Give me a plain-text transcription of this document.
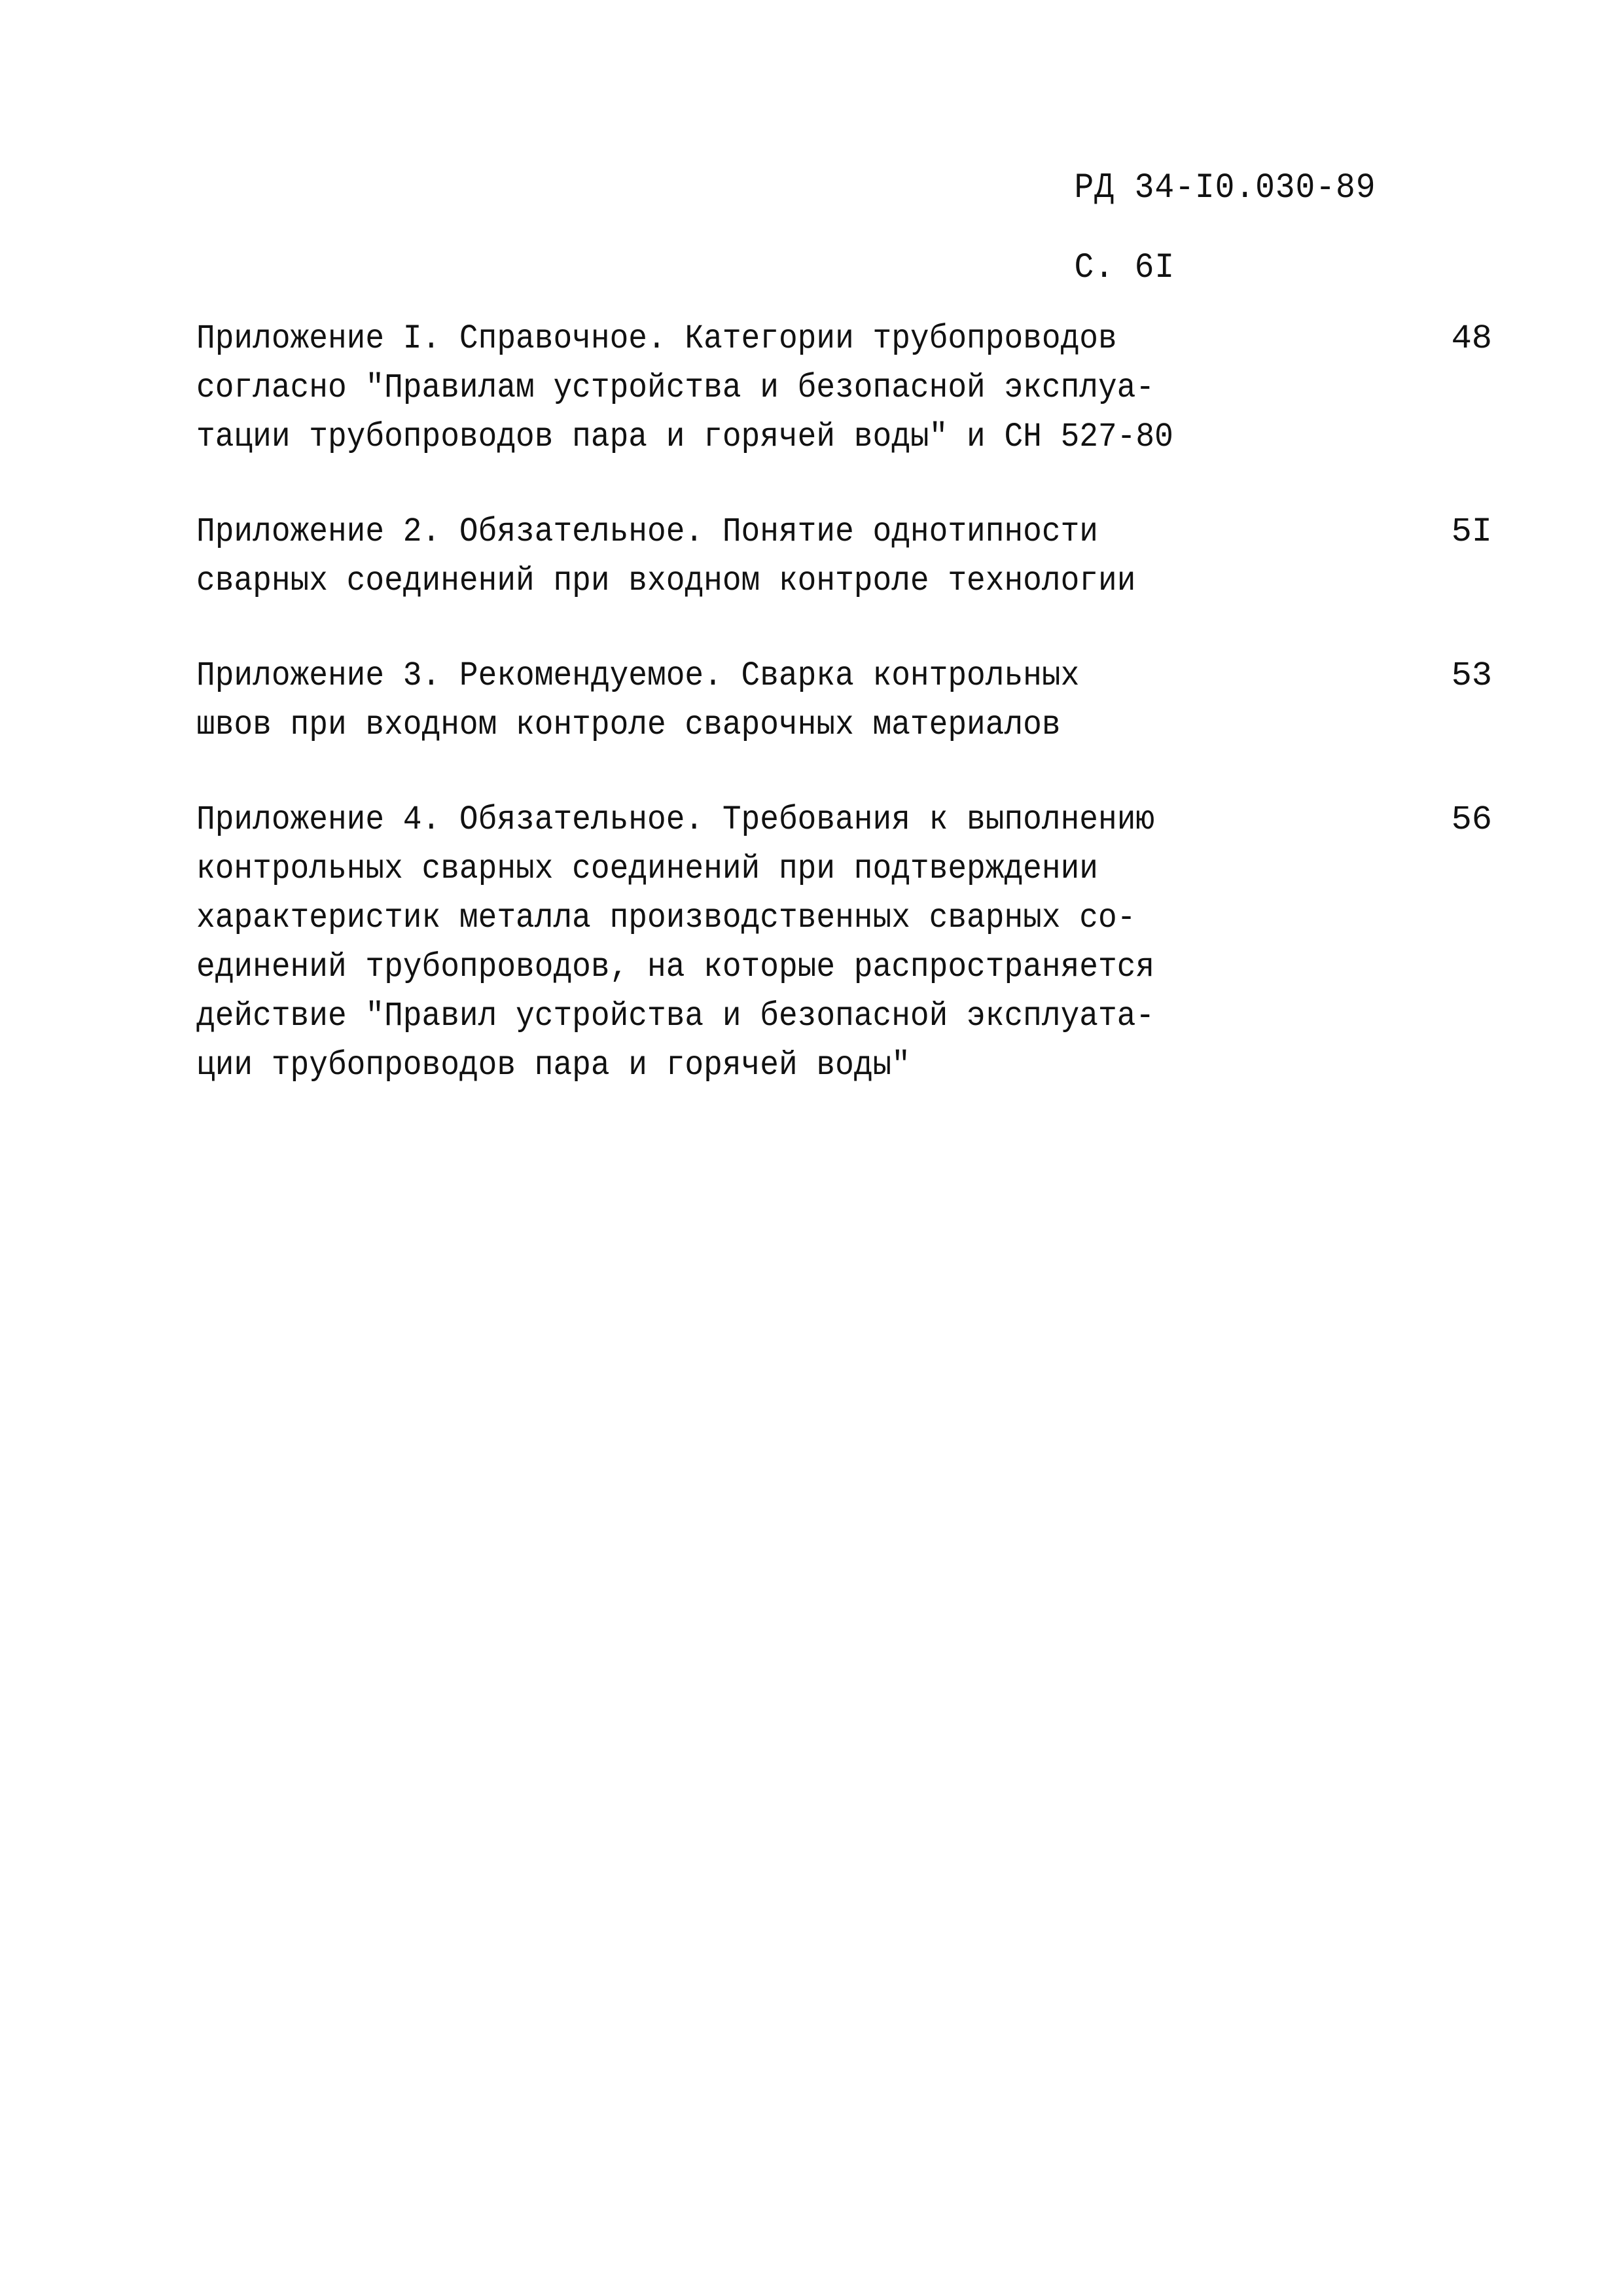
РД 34-I0.030-89

С. 6I

Приложение I. Справочное. Категории трубопроводов
согласно "Правилам устройства и безопасной эксплуа-
тации трубопроводов пара и горячей воды" и СН 527-80
48
Приложение 2. Обязательное. Понятие однотипности
сварных соединений при входном контроле технологии
5I
Приложение 3. Рекомендуемое. Сварка контрольных
швов при входном контроле сварочных материалов
53
Приложение 4. Обязательное. Требования к выполнению
контрольных сварных соединений при подтверждении
характеристик металла производственных сварных со-
единений трубопроводов, на которые распространяется
действие "Правил устройства и безопасной эксплуата-
ции трубопроводов пара и горячей воды"
56
